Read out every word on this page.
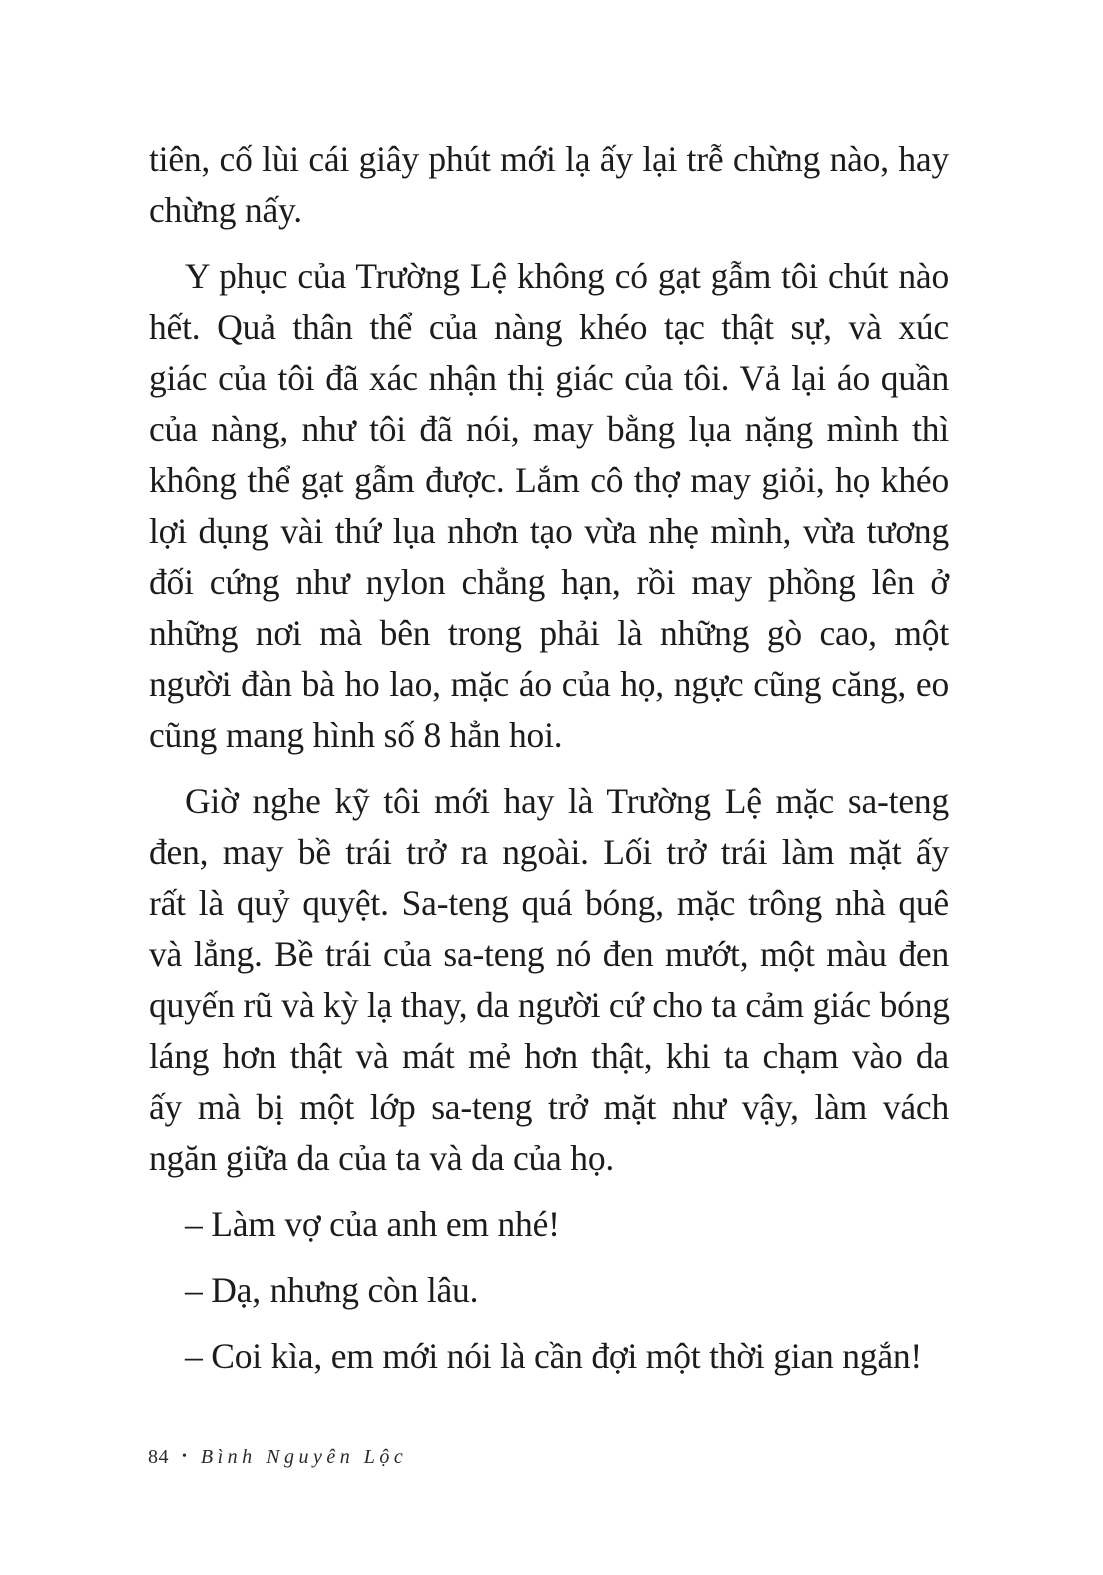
tiên, cố lùi cái giây phút mới lạ ấy lại trễ chừng nào, hay
chừng nấy.
Y phục của Trường Lệ không có gạt gẫm tôi chút nào
hết. Quả thân thể của nàng khéo tạc thật sự, và xúc
giác của tôi đã xác nhận thị giác của tôi. Vả lại áo quần
của nàng, như tôi đã nói, may bằng lụa nặng mình thì
không thể gạt gẫm được. Lắm cô thợ may giỏi, họ khéo
lợi dụng vài thứ lụa nhơn tạo vừa nhẹ mình, vừa tương
đối cứng như nylon chẳng hạn, rồi may phồng lên ở
những nơi mà bên trong phải là những gò cao, một
người đàn bà ho lao, mặc áo của họ, ngực cũng căng, eo
cũng mang hình số 8 hẳn hoi.
Giờ nghe kỹ tôi mới hay là Trường Lệ mặc sa-teng
đen, may bề trái trở ra ngoài. Lối trở trái làm mặt ấy
rất là quỷ quyệt. Sa-teng quá bóng, mặc trông nhà quê
và lẳng. Bề trái của sa-teng nó đen mướt, một màu đen
quyến rũ và kỳ lạ thay, da người cứ cho ta cảm giác bóng
láng hơn thật và mát mẻ hơn thật, khi ta chạm vào da
ấy mà bị một lớp sa-teng trở mặt như vậy, làm vách
ngăn giữa da của ta và da của họ.
– Làm vợ của anh em nhé!
– Dạ, nhưng còn lâu.
– Coi kìa, em mới nói là cần đợi một thời gian ngắn!
84 • Bình Nguyên Lộc
